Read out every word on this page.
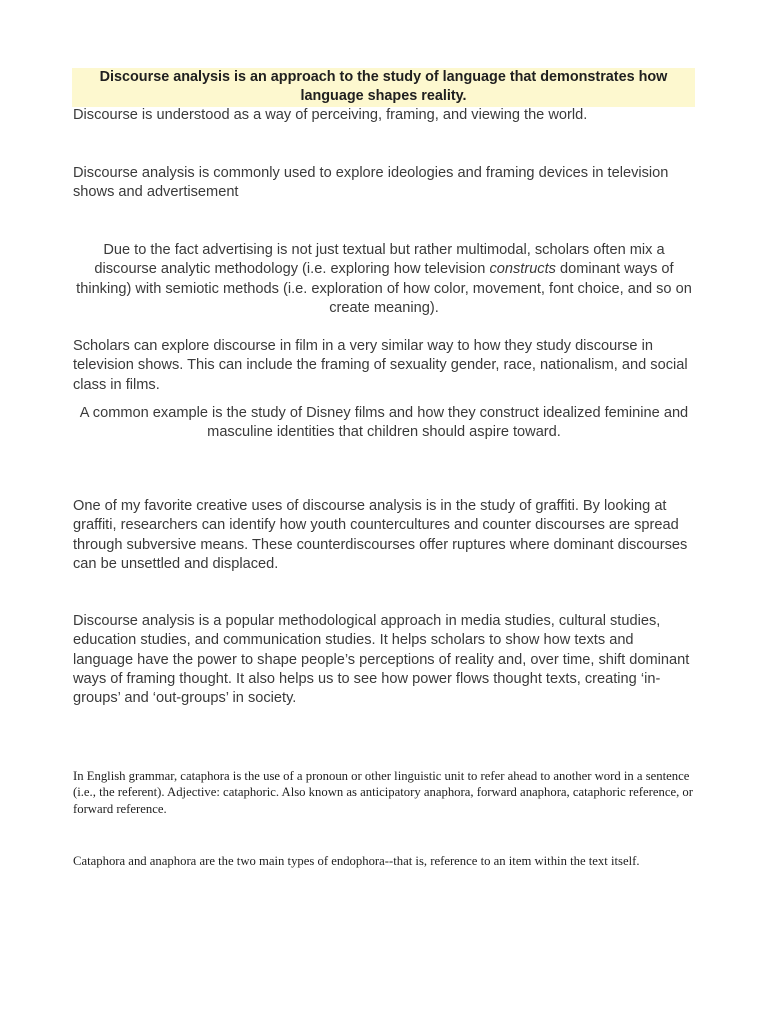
Discourse analysis is an approach to the study of language that demonstrates how language shapes reality.

Discourse is understood as a way of perceiving, framing, and viewing the world.

Discourse analysis is commonly used to explore ideologies and framing devices in television shows and advertisement

Due to the fact advertising is not just textual but rather multimodal, scholars often mix a discourse analytic methodology (i.e. exploring how television constructs dominant ways of thinking) with semiotic methods (i.e. exploration of how color, movement, font choice, and so on create meaning).

Scholars can explore discourse in film in a very similar way to how they study discourse in television shows. This can include the framing of sexuality gender, race, nationalism, and social class in films.

A common example is the study of Disney films and how they construct idealized feminine and masculine identities that children should aspire toward.

One of my favorite creative uses of discourse analysis is in the study of graffiti. By looking at graffiti, researchers can identify how youth countercultures and counter discourses are spread through subversive means. These counterdiscourses offer ruptures where dominant discourses can be unsettled and displaced.

Discourse analysis is a popular methodological approach in media studies, cultural studies, education studies, and communication studies. It helps scholars to show how texts and language have the power to shape people’s perceptions of reality and, over time, shift dominant ways of framing thought. It also helps us to see how power flows thought texts, creating ‘in-groups’ and ‘out-groups’ in society.

In English grammar, cataphora is the use of a pronoun or other linguistic unit to refer ahead to another word in a sentence (i.e., the referent). Adjective: cataphoric. Also known as anticipatory anaphora, forward anaphora, cataphoric reference, or forward reference.

Cataphora and anaphora are the two main types of endophora--that is, reference to an item within the text itself.
